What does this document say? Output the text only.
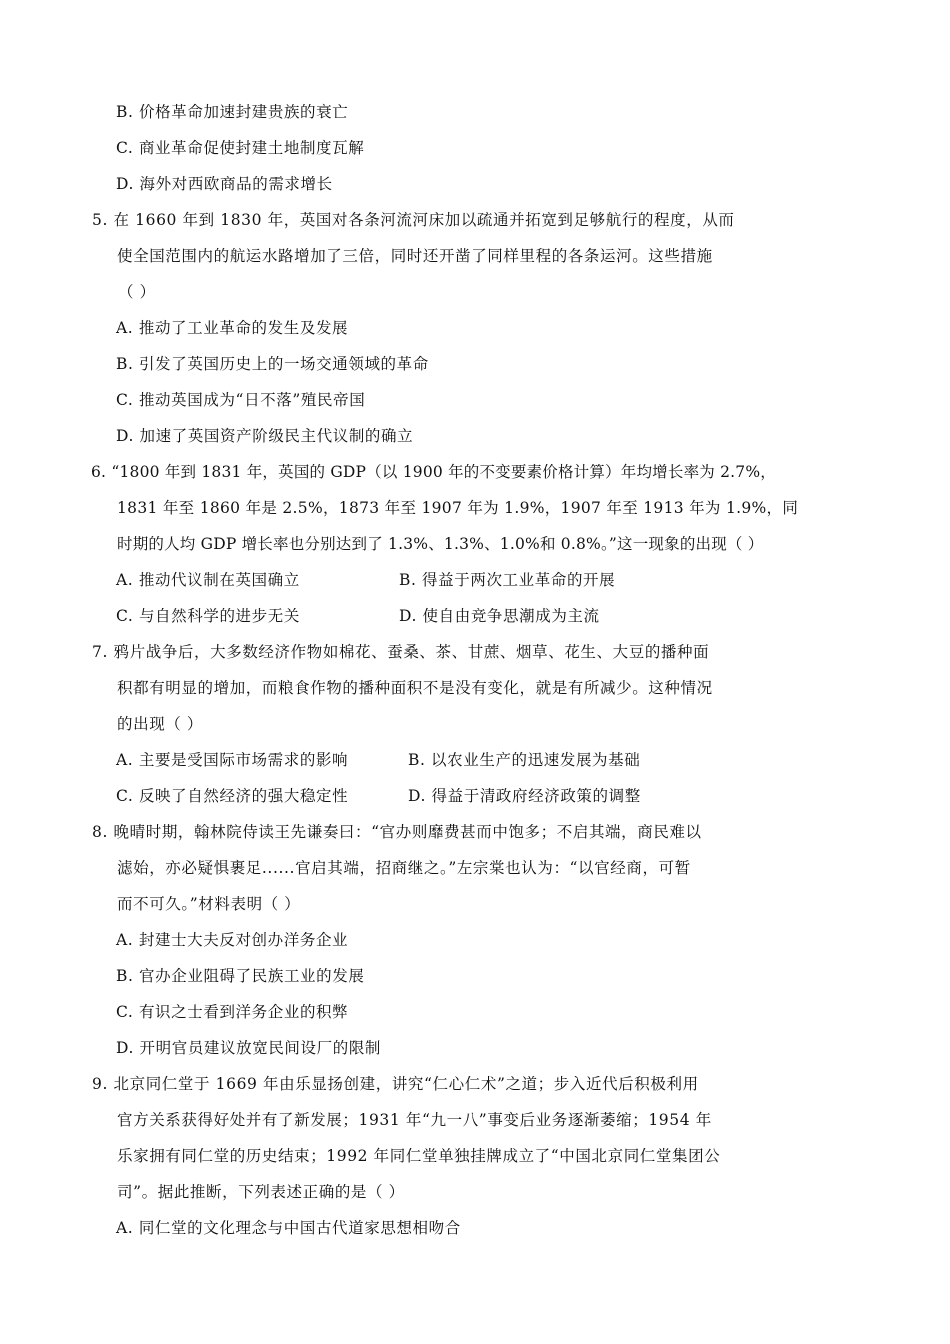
B. 价格革命加速封建贵族的衰亡
C. 商业革命促使封建土地制度瓦解
D. 海外对西欧商品的需求增长
5. 在 1660 年到 1830 年，英国对各条河流河床加以疏通并拓宽到足够航行的程度，从而
使全国范围内的航运水路增加了三倍，同时还开凿了同样里程的各条运河。这些措施
（ ）
A. 推动了工业革命的发生及发展
B. 引发了英国历史上的一场交通领域的革命
C. 推动英国成为“日不落”殖民帝国
D. 加速了英国资产阶级民主代议制的确立
6. “1800 年到 1831 年，英国的 GDP（以 1900 年的不变要素价格计算）年均增长率为 2.7%，
1831 年至 1860 年是 2.5%，1873 年至 1907 年为 1.9%，1907 年至 1913 年为 1.9%，同
时期的人均 GDP 增长率也分别达到了 1.3%、1.3%、1.0%和 0.8%。”这一现象的出现（ ）
A. 推动代议制在英国确立	B. 得益于两次工业革命的开展
C. 与自然科学的进步无关	D. 使自由竞争思潮成为主流
7. 鸦片战争后，大多数经济作物如棉花、蚕桑、茶、甘蔗、烟草、花生、大豆的播种面
积都有明显的增加，而粮食作物的播种面积不是没有变化，就是有所减少。这种情况
的出现（ ）
A. 主要是受国际市场需求的影响	B. 以农业生产的迅速发展为基础
C. 反映了自然经济的强大稳定性	D. 得益于清政府经济政策的调整
8. 晚晴时期，翰林院侍读王先谦奏曰：“官办则靡费甚而中饱多；不启其端，商民难以
滤始，亦必疑惧裹足......官启其端，招商继之。”左宗棠也认为：“以官经商，可暂
而不可久。”材料表明（ ）
A. 封建士大夫反对创办洋务企业
B. 官办企业阻碍了民族工业的发展
C. 有识之士看到洋务企业的积弊
D. 开明官员建议放宽民间设厂的限制
9. 北京同仁堂于 1669 年由乐显扬创建，讲究“仁心仁术”之道；步入近代后积极利用
官方关系获得好处并有了新发展；1931 年“九一八”事变后业务逐渐萎缩；1954 年
乐家拥有同仁堂的历史结束；1992 年同仁堂单独挂牌成立了“中国北京同仁堂集团公
司”。据此推断，下列表述正确的是（ ）
A. 同仁堂的文化理念与中国古代道家思想相吻合
